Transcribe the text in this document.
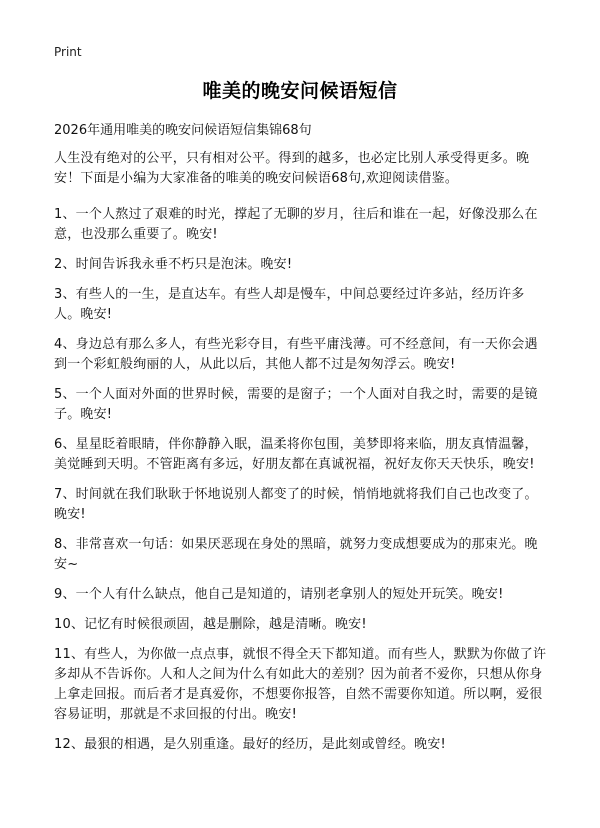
Print
唯美的晚安问候语短信
2026年通用唯美的晚安问候语短信集锦68句

人生没有绝对的公平，只有相对公平。得到的越多，也必定比别人承受得更多。晚安！下面是小编为大家准备的唯美的晚安问候语68句,欢迎阅读借鉴。

1、一个人熬过了艰难的时光，撑起了无聊的岁月，往后和谁在一起，好像没那么在意，也没那么重要了。晚安!

2、时间告诉我永垂不朽只是泡沫。晚安!

3、有些人的一生，是直达车。有些人却是慢车，中间总要经过许多站，经历许多人。晚安!

4、身边总有那么多人，有些光彩夺目，有些平庸浅薄。可不经意间，有一天你会遇到一个彩虹般绚丽的人，从此以后，其他人都不过是匆匆浮云。晚安!

5、一个人面对外面的世界时候，需要的是窗子；一个人面对自我之时，需要的是镜子。晚安!

6、星星眨着眼睛，伴你静静入眠，温柔将你包围，美梦即将来临，朋友真情温馨，美觉睡到天明。不管距离有多远，好朋友都在真诚祝福，祝好友你天天快乐，晚安!

7、时间就在我们耿耿于怀地说别人都变了的时候，悄悄地就将我们自己也改变了。晚安!

8、非常喜欢一句话：如果厌恶现在身处的黑暗，就努力变成想要成为的那束光。晚安~

9、一个人有什么缺点，他自己是知道的，请别老拿别人的短处开玩笑。晚安!

10、记忆有时候很顽固，越是删除，越是清晰。晚安!

11、有些人，为你做一点点事，就恨不得全天下都知道。而有些人，默默为你做了许多却从不告诉你。人和人之间为什么有如此大的差别？因为前者不爱你，只想从你身上拿走回报。而后者才是真爱你，不想要你报答，自然不需要你知道。所以啊，爱很容易证明，那就是不求回报的付出。晚安!

12、最狠的相遇，是久别重逢。最好的经历，是此刻或曾经。晚安!
